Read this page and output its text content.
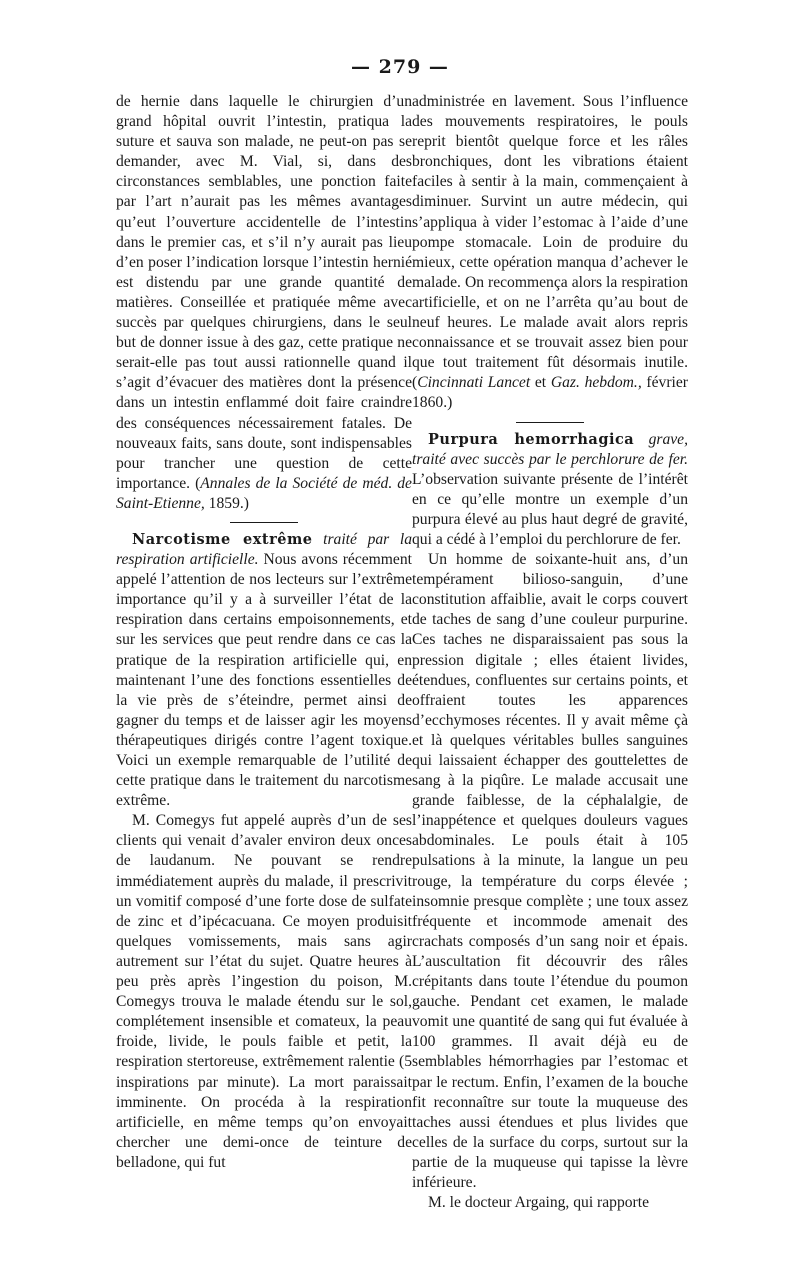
— 279 —

de hernie dans laquelle le chirurgien d’un grand hôpital ouvrit l’intestin, pratiqua la suture et sauva son malade, ne peut-on pas se demander, avec M. Vial, si, dans des circonstances semblables, une ponction faite par l’art n’aurait pas les mêmes avantages qu’eut l’ouverture accidentelle de l’intestin dans le premier cas, et s’il n’y aurait pas lieu d’en poser l’indication lorsque l’intestin hernié est distendu par une grande quantité de matières. Conseillée et pratiquée même avec succès par quelques chirurgiens, dans le seul but de donner issue à des gaz, cette pratique ne serait-elle pas tout aussi rationnelle quand il s’agit d’évacuer des matières dont la présence dans un intestin enflammé doit faire craindre des conséquences nécessairement fatales. De nouveaux faits, sans doute, sont indispensables pour trancher une question de cette importance. (Annales de la Société de méd. de Saint-Etienne, 1859.)

Narcotisme extrême traité par la respiration artificielle. Nous avons récemment appelé l’attention de nos lecteurs sur l’extrême importance qu’il y a à surveiller l’état de la respiration dans certains empoisonnements, et sur les services que peut rendre dans ce cas la pratique de la respiration artificielle qui, en maintenant l’une des fonctions essentielles de la vie près de s’éteindre, permet ainsi de gagner du temps et de laisser agir les moyens thérapeutiques dirigés contre l’agent toxique. Voici un exemple remarquable de l’utilité de cette pratique dans le traitement du narcotisme extrême.

M. Comegys fut appelé auprès d’un de ses clients qui venait d’avaler environ deux onces de laudanum. Ne pouvant se rendre immédiatement auprès du malade, il prescrivit un vomitif composé d’une forte dose de sulfate de zinc et d’ipécacuana. Ce moyen produisit quelques vomissements, mais sans agir autrement sur l’état du sujet. Quatre heures à peu près après l’ingestion du poison, M. Comegys trouva le malade étendu sur le sol, complétement insensible et comateux, la peau froide, livide, le pouls faible et petit, la respiration stertoreuse, extrêmement ralentie (5 inspirations par minute). La mort paraissait imminente. On procéda à la respiration artificielle, en même temps qu’on envoyait chercher une demi-once de teinture de belladone, qui fut

administrée en lavement. Sous l’influence des mouvements respiratoires, le pouls reprit bientôt quelque force et les râles bronchiques, dont les vibrations étaient faciles à sentir à la main, commençaient à diminuer. Survint un autre médecin, qui s’appliqua à vider l’estomac à l’aide d’une pompe stomacale. Loin de produire du mieux, cette opération manqua d’achever le malade. On recommença alors la respiration artificielle, et on ne l’arrêta qu’au bout de neuf heures. Le malade avait alors repris connaissance et se trouvait assez bien pour que tout traitement fût désormais inutile. (Cincinnati Lancet et Gaz. hebdom., février 1860.)

Purpura hemorrhagica grave, traité avec succès par le perchlorure de fer. L’observation suivante présente de l’intérêt en ce qu’elle montre un exemple d’un purpura élevé au plus haut degré de gravité, qui a cédé à l’emploi du perchlorure de fer.

Un homme de soixante-huit ans, d’un tempérament bilioso-sanguin, d’une constitution affaiblie, avait le corps couvert de taches de sang d’une couleur purpurine. Ces taches ne disparaissaient pas sous la pression digitale ; elles étaient livides, étendues, confluentes sur certains points, et offraient toutes les apparences d’ecchymoses récentes. Il y avait même çà et là quelques véritables bulles sanguines qui laissaient échapper des gouttelettes de sang à la piqûre. Le malade accusait une grande faiblesse, de la céphalalgie, de l’inappétence et quelques douleurs vagues abdominales. Le pouls était à 105 pulsations à la minute, la langue un peu rouge, la température du corps élevée ; insomnie presque complète ; une toux assez fréquente et incommode amenait des crachats composés d’un sang noir et épais. L’auscultation fit découvrir des râles crépitants dans toute l’étendue du poumon gauche. Pendant cet examen, le malade vomit une quantité de sang qui fut évaluée à 100 grammes. Il avait déjà eu de semblables hémorrhagies par l’estomac et par le rectum. Enfin, l’examen de la bouche fit reconnaître sur toute la muqueuse des taches aussi étendues et plus livides que celles de la surface du corps, surtout sur la partie de la muqueuse qui tapisse la lèvre inférieure.

M. le docteur Argaing, qui rapporte
